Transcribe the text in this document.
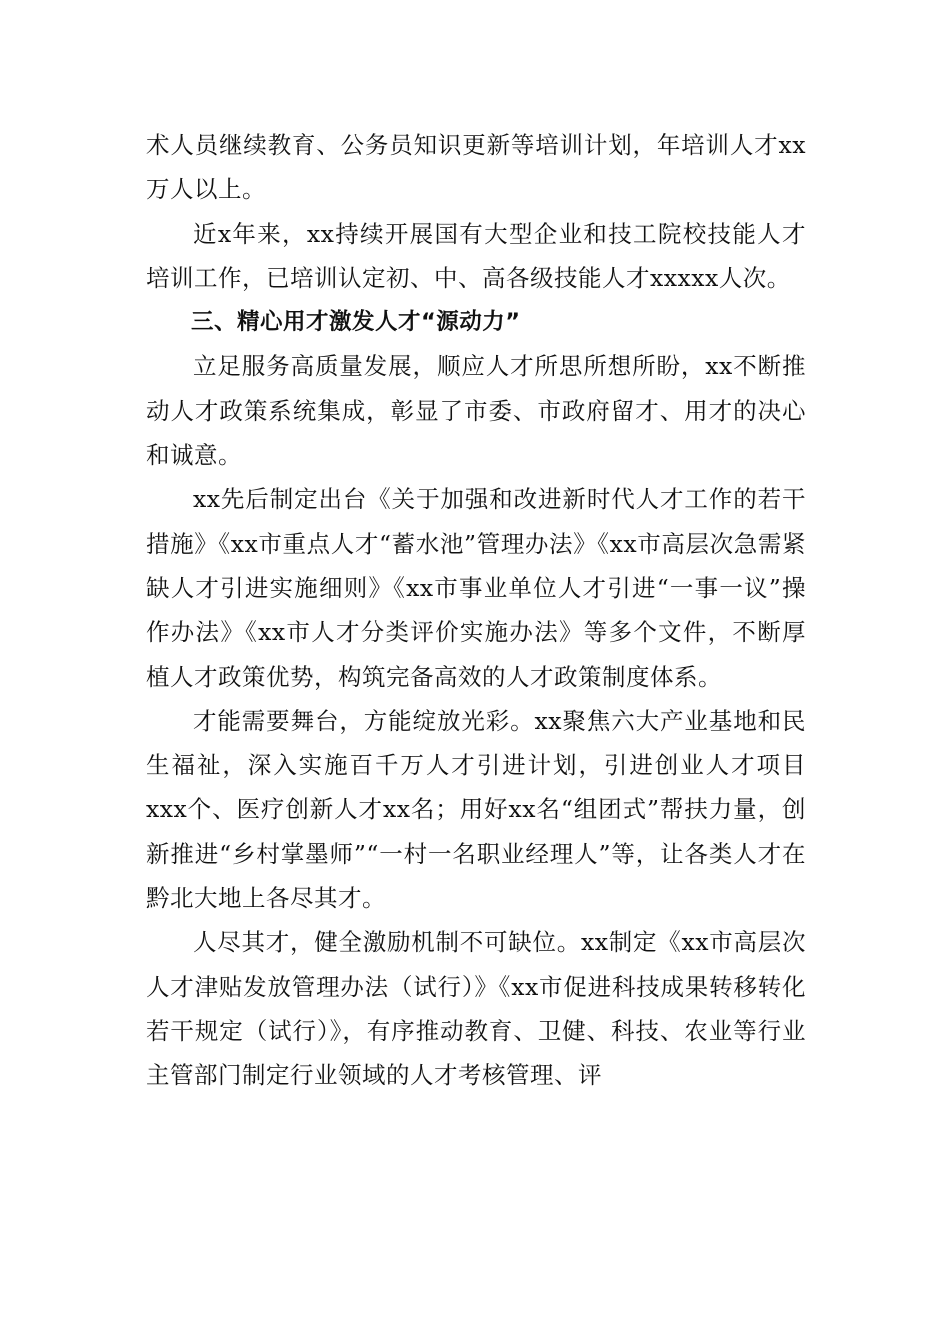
术人员继续教育、公务员知识更新等培训计划，年培训人才xx万人以上。

近x年来，xx持续开展国有大型企业和技工院校技能人才培训工作，已培训认定初、中、高各级技能人才xxxxx人次。

三、精心用才激发人才“源动力”

立足服务高质量发展，顺应人才所思所想所盼，xx不断推动人才政策系统集成，彰显了市委、市政府留才、用才的决心和诚意。

xx先后制定出台《关于加强和改进新时代人才工作的若干措施》《xx市重点人才“蓄水池”管理办法》《xx市高层次急需紧缺人才引进实施细则》《xx市事业单位人才引进“一事一议”操作办法》《xx市人才分类评价实施办法》等多个文件，不断厚植人才政策优势，构筑完备高效的人才政策制度体系。

才能需要舞台，方能绽放光彩。xx聚焦六大产业基地和民生福祉，深入实施百千万人才引进计划，引进创业人才项目xxx个、医疗创新人才xx名；用好xx名“组团式”帮扶力量，创新推进“乡村掌墨师”“一村一名职业经理人”等，让各类人才在黔北大地上各尽其才。

人尽其才，健全激励机制不可缺位。xx制定《xx市高层次人才津贴发放管理办法（试行）》《xx市促进科技成果转移转化若干规定（试行）》，有序推动教育、卫健、科技、农业等行业主管部门制定行业领域的人才考核管理、评
